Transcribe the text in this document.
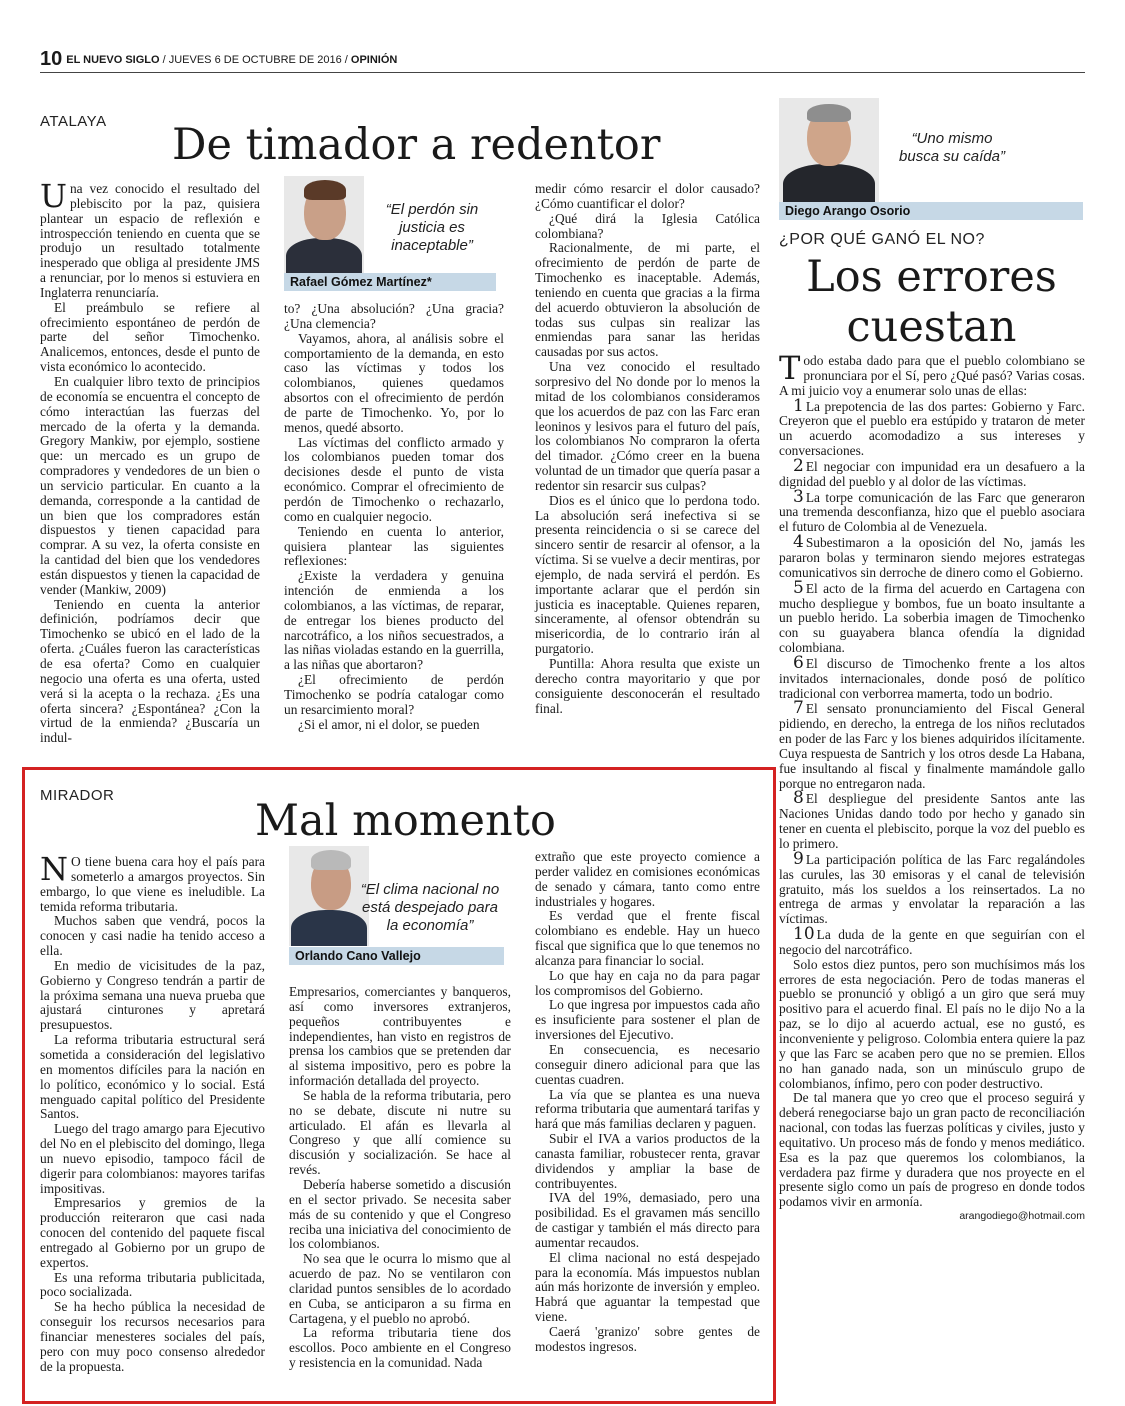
10 EL NUEVO SIGLO / JUEVES 6 DE OCTUBRE DE 2016 / OPINIÓN
ATALAYA De timador a redentor

Una vez conocido el resultado del plebiscito por la paz, quisiera plantear un espacio de reflexión e introspección teniendo en cuenta que se produjo un resultado totalmente inesperado que obliga al presidente JMS a renunciar, por lo menos si estuviera en Inglaterra renunciaría.

El preámbulo se refiere al ofrecimiento espontáneo de perdón de parte del señor Timochenko. Analicemos, entonces, desde el punto de vista económico lo acontecido.

En cualquier libro texto de principios de economía se encuentra el concepto de cómo interactúan las fuerzas del mercado de la oferta y la demanda. Gregory Mankiw, por ejemplo, sostiene que: un mercado es un grupo de compradores y vendedores de un bien o un servicio particular. En cuanto a la demanda, corresponde a la cantidad de un bien que los compradores están dispuestos y tienen capacidad para comprar. A su vez, la oferta consiste en la cantidad del bien que los vendedores están dispuestos y tienen la capacidad de vender (Mankiw, 2009)

Teniendo en cuenta la anterior definición, podríamos decir que Timochenko se ubicó en el lado de la oferta. ¿Cuáles fueron las características de esa oferta? Como en cualquier negocio una oferta es una oferta, usted verá si la acepta o la rechaza. ¿Es una oferta sincera? ¿Espontánea? ¿Con la virtud de la enmienda? ¿Buscaría un indul-

“El perdón sin justicia es inaceptable”
Rafael Gómez Martínez*

to? ¿Una absolución? ¿Una gracia? ¿Una clemencia?

Vayamos, ahora, al análisis sobre el comportamiento de la demanda, en esto caso las víctimas y todos los colombianos, quienes quedamos absortos con el ofrecimiento de perdón de parte de Timochenko. Yo, por lo menos, quedé absorto.

Las víctimas del conflicto armado y los colombianos pueden tomar dos decisiones desde el punto de vista económico. Comprar el ofrecimiento de perdón de Timochenko o rechazarlo, como en cualquier negocio.

Teniendo en cuenta lo anterior, quisiera plantear las siguientes reflexiones:

¿Existe la verdadera y genuina intención de enmienda a los colombianos, a las víctimas, de reparar, de entregar los bienes producto del narcotráfico, a los niños secuestrados, a las niñas violadas estando en la guerrilla, a las niñas que abortaron?

¿El ofrecimiento de perdón Timochenko se podría catalogar como un resarcimiento moral?

¿Si el amor, ni el dolor, se pueden

medir cómo resarcir el dolor causado? ¿Cómo cuantificar el dolor?

¿Qué dirá la Iglesia Católica colombiana?

Racionalmente, de mi parte, el ofrecimiento de perdón de parte de Timochenko es inaceptable. Además, teniendo en cuenta que gracias a la firma del acuerdo obtuvieron la absolución de todas sus culpas sin realizar las enmiendas para sanar las heridas causadas por sus actos.

Una vez conocido el resultado sorpresivo del No donde por lo menos la mitad de los colombianos consideramos que los acuerdos de paz con las Farc eran leoninos y lesivos para el futuro del país, los colombianos No compraron la oferta del timador. ¿Cómo creer en la buena voluntad de un timador que quería pasar a redentor sin resarcir sus culpas?

Dios es el único que lo perdona todo. La absolución será inefectiva si se presenta reincidencia o si se carece del sincero sentir de resarcir al ofensor, a la víctima. Si se vuelve a decir mentiras, por ejemplo, de nada servirá el perdón. Es importante aclarar que el perdón sin justicia es inaceptable. Quienes reparen, sinceramente, al ofensor obtendrán su misericordia, de lo contrario irán al purgatorio.

Puntilla: Ahora resulta que existe un derecho contra mayoritario y que por consiguiente desconocerán el resultado final.

MIRADOR
Mal momento

N O tiene buena cara hoy el país para someterlo a amargos proyectos. Sin embargo, lo que viene es ineludible. La temida reforma tributaria.

Muchos saben que vendrá, pocos la conocen y casi nadie ha tenido acceso a ella.

En medio de vicisitudes de la paz, Gobierno y Congreso tendrán a partir de la próxima semana una nueva prueba que ajustará cinturones y apretará presupuestos.

La reforma tributaria estructural será sometida a consideración del legislativo en momentos difíciles para la nación en lo político, económico y lo social. Está menguado capital político del Presidente Santos.

Luego del trago amargo para Ejecutivo del No en el plebiscito del domingo, llega un nuevo episodio, tampoco fácil de digerir para colombianos: mayores tarifas impositivas.

Empresarios y gremios de la producción reiteraron que casi nada conocen del contenido del paquete fiscal entregado al Gobierno por un grupo de expertos.

Es una reforma tributaria publicitada, poco socializada.

Se ha hecho pública la necesidad de conseguir los recursos necesarios para financiar menesteres sociales del país, pero con muy poco consenso alrededor de la propuesta.

“El clima nacional no está despejado para la economía”
Orlando Cano Vallejo

Empresarios, comerciantes y banqueros, así como inversores extranjeros, pequeños contribuyentes e independientes, han visto en registros de prensa los cambios que se pretenden dar al sistema impositivo, pero es pobre la información detallada del proyecto.

Se habla de la reforma tributaria, pero no se debate, discute ni nutre su articulado. El afán es llevarla al Congreso y que allí comience su discusión y socialización. Se hace al revés.

Debería haberse sometido a discusión en el sector privado. Se necesita saber más de su contenido y que el Congreso reciba una iniciativa del conocimiento de los colombianos.

No sea que le ocurra lo mismo que al acuerdo de paz. No se ventilaron con claridad puntos sensibles de lo acordado en Cuba, se anticiparon a su firma en Cartagena, y el pueblo no aprobó.

La reforma tributaria tiene dos escollos. Poco ambiente en el Congreso y resistencia en la comunidad. Nada

extraño que este proyecto comience a perder validez en comisiones económicas de senado y cámara, tanto como entre industriales y hogares.

Es verdad que el frente fiscal colombiano es endeble. Hay un hueco fiscal que significa que lo que tenemos no alcanza para financiar lo social.

Lo que hay en caja no da para pagar los compromisos del Gobierno.

Lo que ingresa por impuestos cada año es insuficiente para sostener el plan de inversiones del Ejecutivo.

En consecuencia, es necesario conseguir dinero adicional para que las cuentas cuadren.

La vía que se plantea es una nueva reforma tributaria que aumentará tarifas y hará que más familias declaren y paguen.

Subir el IVA a varios productos de la canasta familiar, robustecer renta, gravar dividendos y ampliar la base de contribuyentes.

IVA del 19%, demasiado, pero una posibilidad. Es el gravamen más sencillo de castigar y también el más directo para aumentar recaudos.

El clima nacional no está despejado para la economía. Más impuestos nublan aún más horizonte de inversión y empleo. Habrá que aguantar la tempestad que viene.

Caerá 'granizo' sobre gentes de modestos ingresos.

“Uno mismo busca su caída”
Diego Arango Osorio
¿POR QUÉ GANÓ EL NO?
Los errores
cuestan

Todo estaba dado para que el pueblo colombiano se pronunciara por el Sí, pero ¿Qué pasó? Varias cosas. A mi juicio voy a enumerar solo unas de ellas:

1 La prepotencia de las dos partes: Gobierno y Farc. Creyeron que el pueblo era estúpido y trataron de meter un acuerdo acomodadizo a sus intereses y conversaciones.

2 El negociar con impunidad era un desafuero a la dignidad del pueblo y al dolor de las víctimas.

3 La torpe comunicación de las Farc que generaron una tremenda desconfianza, hizo que el pueblo asociara el futuro de Colombia al de Venezuela.

4 Subestimaron a la oposición del No, jamás les pararon bolas y terminaron siendo mejores estrategas comunicativos sin derroche de dinero como el Gobierno.

5 El acto de la firma del acuerdo en Cartagena con mucho despliegue y bombos, fue un boato insultante a un pueblo herido. La soberbia imagen de Timochenko con su guayabera blanca ofendía la dignidad colombiana.

6 El discurso de Timochenko frente a los altos invitados internacionales, donde posó de político tradicional con verborrea mamerta, todo un bodrio.

7 El sensato pronunciamiento del Fiscal General pidiendo, en derecho, la entrega de los niños reclutados en poder de las Farc y los bienes adquiridos ilícitamente. Cuya respuesta de Santrich y los otros desde La Habana, fue insultando al fiscal y finalmente mamándole gallo porque no entregaron nada.

8 El despliegue del presidente Santos ante las Naciones Unidas dando todo por hecho y ganado sin tener en cuenta el plebiscito, porque la voz del pueblo es lo primero.

9 La participación política de las Farc regalándoles las curules, las 30 emisoras y el canal de televisión gratuito, más los sueldos a los reinsertados. La no entrega de armas y envolatar la reparación a las víctimas.

10 La duda de la gente en que seguirían con el negocio del narcotráfico.

Solo estos diez puntos, pero son muchísimos más los errores de esta negociación. Pero de todas maneras el pueblo se pronunció y obligó a un giro que será muy positivo para el acuerdo final. El país no le dijo No a la paz, se lo dijo al acuerdo actual, ese no gustó, es inconveniente y peligroso. Colombia entera quiere la paz y que las Farc se acaben pero que no se premien. Ellos no han ganado nada, son un minúsculo grupo de colombianos, ínfimo, pero con poder destructivo.

De tal manera que yo creo que el proceso seguirá y deberá renegociarse bajo un gran pacto de reconciliación nacional, con todas las fuerzas políticas y civiles, justo y equitativo. Un proceso más de fondo y menos mediático. Esa es la paz que queremos los colombianos, la verdadera paz firme y duradera que nos proyecte en el presente siglo como un país de progreso en donde todos podamos vivir en armonía.

arangodiego@hotmail.com
